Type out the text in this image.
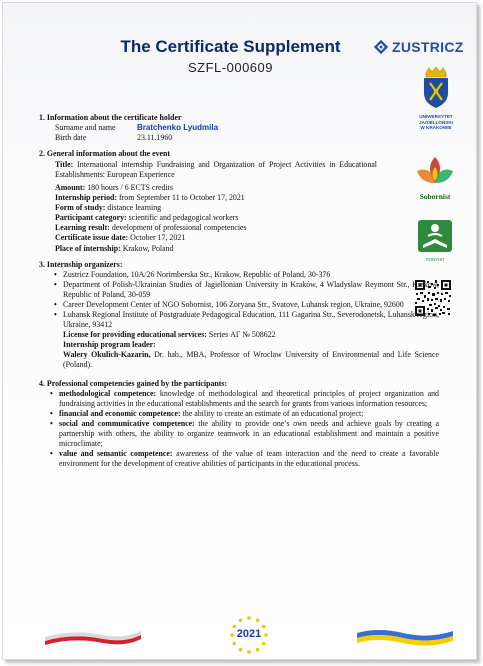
The Certificate Supplement
SZFL-000609
ZUSTRICZ
UNIWERSYTET
JAGIELLOŃSKI
W KRAKOWIE
Sobornist
ЛОВУНП
1. Information about the certificate holder
Surname and name	Bratchenko Lyudmila
Birth date	23.11.1960
2. General information about the event
Title: International internship Fundraising and Organization of Project Activities in Educational Establishments: European Experience
Amount: 180 hours / 6 ECTS credits
Internship period: from September 11 to October 17, 2021
Form of study: distance learning
Participant category: scientific and pedagogical workers
Learning result: development of professional competencies
Certificate issue date: October 17, 2021
Place of internship: Krakow, Poland
3. Internship organizers:
• Zustricz Foundation, 10A/26 Norimberska Str., Krakow, Republic of Poland, 30-376
• Department of Polish-Ukrainian Studies of Jagiellonian University in Kraków, 4 Wladyslaw Reymont Str., Krakow, Republic of Poland, 30-059
• Career Development Center of NGO Sobornist, 106 Zoryana Str., Svatove, Luhansk region, Ukraine, 92600
• Luhansk Regional Institute of Postgraduate Pedagogical Education, 111 Gagarina Str., Severodonetsk, Luhansk region, Ukraine, 93412
License for providing educational services: Series АГ № 508622
Internship program leader:
Walery Okulich-Kazarin, Dr. hab., MBA, Professor of Wroclaw University of Environmental and Life Science (Poland).
4. Professional competencies gained by the participants:
• methodological competence: knowledge of methodological and theoretical principles of project organization and fundraising activities in the educational establishments and the search for grants from various information resources;
• financial and economic competence: the ability to create an estimate of an educational project;
• social and communicative competence: the ability to provide one’s own needs and achieve goals by creating a partnership with others, the ability to organize teamwork in an educational establishment and maintain a positive microclimate;
• value and semantic competence: awareness of the value of team interaction and the need to create a favorable environment for the development of creative abilities of participants in the educational process.
2021
